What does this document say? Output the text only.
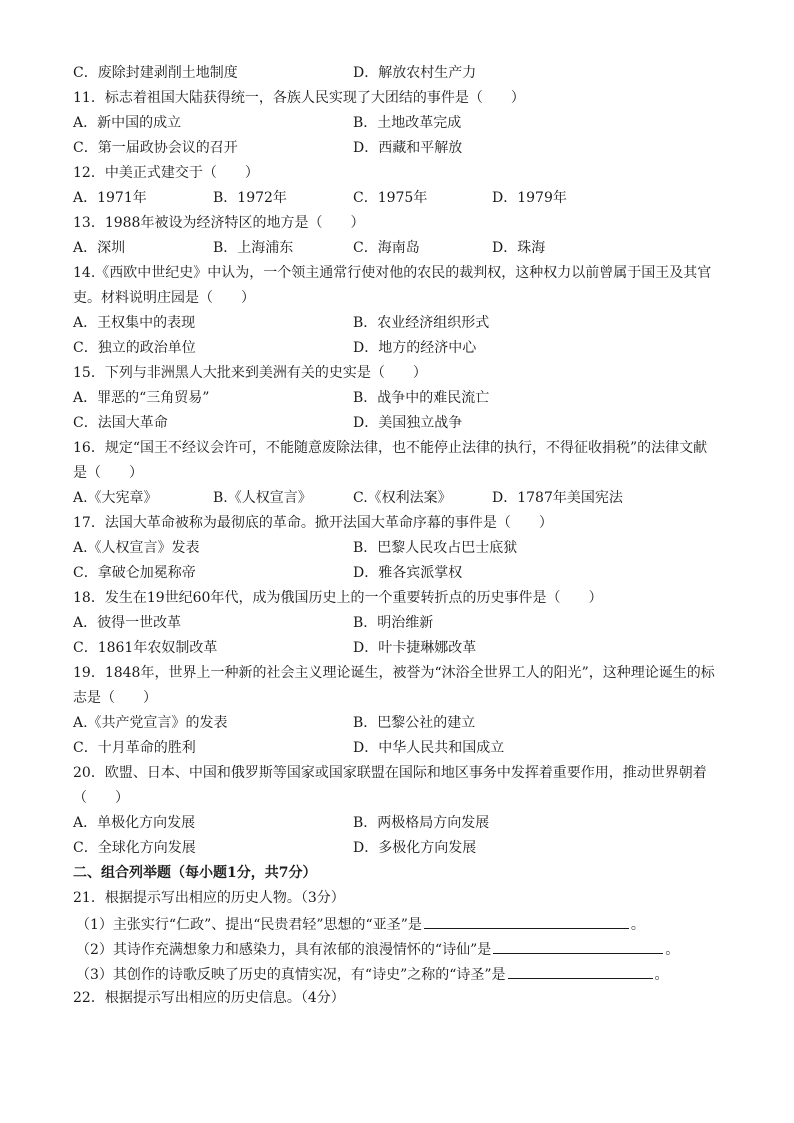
C．废除封建剥削土地制度	D．解放农村生产力
11．标志着祖国大陆获得统一，各族人民实现了大团结的事件是（　　）
A．新中国的成立	B．土地改革完成
C．第一届政协会议的召开	D．西藏和平解放
12．中美正式建交于（　　）
A．1971年	B．1972年	C．1975年	D．1979年
13．1988年被设为经济特区的地方是（　　）
A．深圳	B．上海浦东	C．海南岛	D．珠海
14.《西欧中世纪史》中认为，一个领主通常行使对他的农民的裁判权，这种权力以前曾属于国王及其官
吏。材料说明庄园是（　　）
A．王权集中的表现	B．农业经济组织形式
C．独立的政治单位	D．地方的经济中心
15．下列与非洲黑人大批来到美洲有关的史实是（　　）
A．罪恶的“三角贸易”	B．战争中的难民流亡
C．法国大革命	D．美国独立战争
16．规定“国王不经议会许可，不能随意废除法律，也不能停止法律的执行，不得征收捐税”的法律文献
是（　　）
A.《大宪章》	B.《人权宣言》	C.《权利法案》	D．1787年美国宪法
17．法国大革命被称为最彻底的革命。掀开法国大革命序幕的事件是（　　）
A.《人权宣言》发表	B．巴黎人民攻占巴士底狱
C．拿破仑加冕称帝	D．雅各宾派掌权
18．发生在19世纪60年代，成为俄国历史上的一个重要转折点的历史事件是（　　）
A．彼得一世改革	B．明治维新
C．1861年农奴制改革	D．叶卡捷琳娜改革
19．1848年，世界上一种新的社会主义理论诞生，被誉为“沐浴全世界工人的阳光”，这种理论诞生的标
志是（　　）
A.《共产党宣言》的发表	B．巴黎公社的建立
C．十月革命的胜利	D．中华人民共和国成立
20．欧盟、日本、中国和俄罗斯等国家或国家联盟在国际和地区事务中发挥着重要作用，推动世界朝着
（　　）
A．单极化方向发展	B．两极格局方向发展
C．全球化方向发展	D．多极化方向发展
二、组合列举题（每小题1分，共7分）
21．根据提示写出相应的历史人物。（3分）
（1）主张实行“仁政”、提出“民贵君轻”思想的“亚圣”是	。
（2）其诗作充满想象力和感染力，具有浓郁的浪漫情怀的“诗仙”是	。
（3）其创作的诗歌反映了历史的真情实况，有“诗史”之称的“诗圣”是	。
22．根据提示写出相应的历史信息。（4分）
